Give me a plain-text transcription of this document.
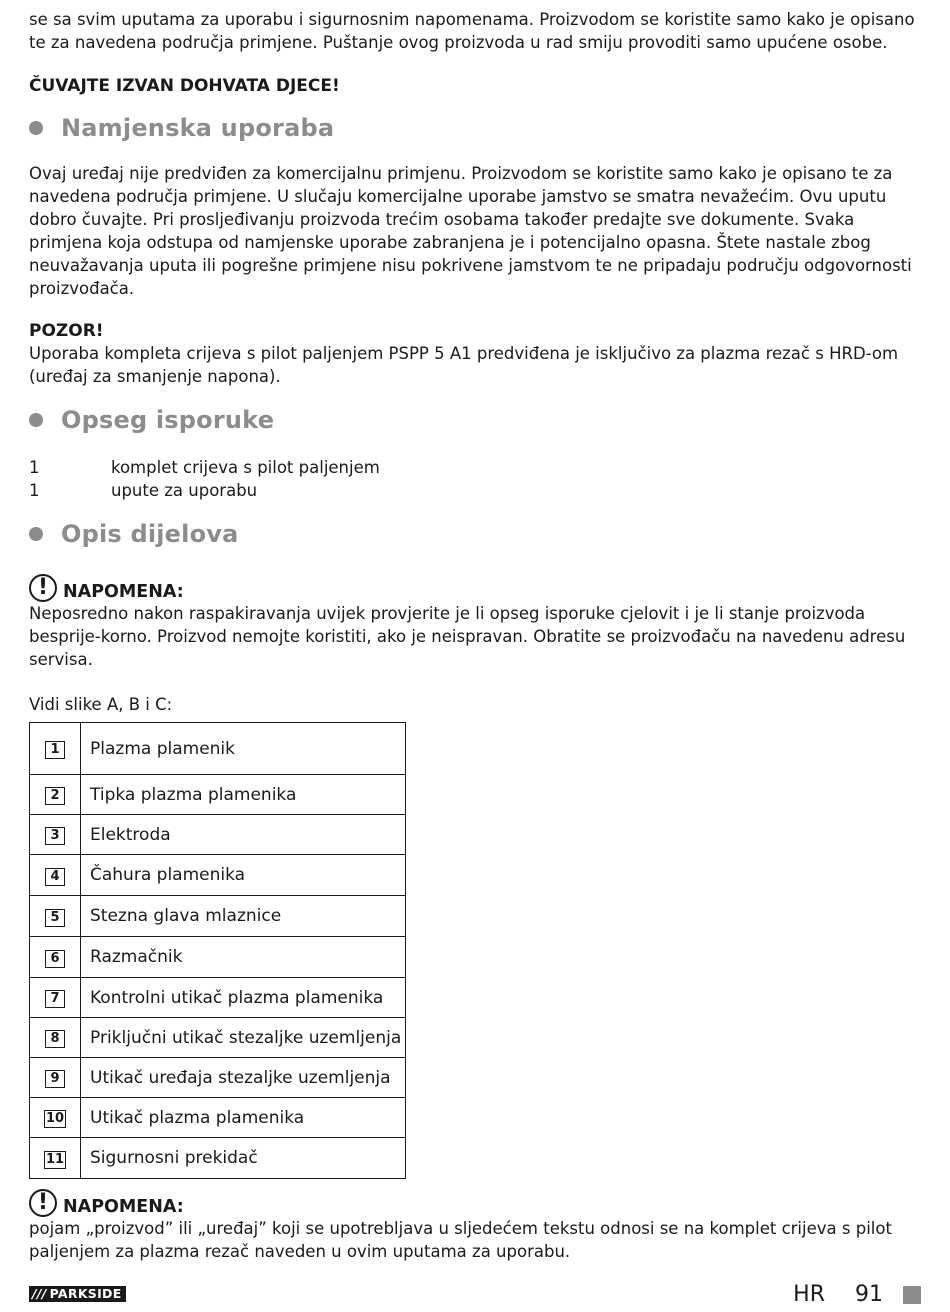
se sa svim uputama za uporabu i sigurnosnim napomenama. Proizvodom se koristite samo kako je opisano te za navedena područja primjene. Puštanje ovog proizvoda u rad smiju provoditi samo upućene osobe.

ČUVAJTE IZVAN DOHVATA DJECE!
Namjenska uporaba

Ovaj uređaj nije predviđen za komercijalnu primjenu. Proizvodom se koristite samo kako je opisano te za navedena područja primjene. U slučaju komercijalne uporabe jamstvo se smatra nevažećim. Ovu uputu dobro čuvajte. Pri prosljeđivanju proizvoda trećim osobama također predajte sve dokumente. Svaka primjena koja odstupa od namjenske uporabe zabranjena je i potencijalno opasna. Štete nastale zbog neuvažavanja uputa ili pogrešne primjene nisu pokrivene jamstvom te ne pripadaju području odgovornosti proizvođača.

POZOR!

Uporaba kompleta crijeva s pilot paljenjem PSPP 5 A1 predviđena je isključivo za plazma rezač s HRD-om (uređaj za smanjenje napona).

Opseg isporuke
1	komplet crijeva s pilot paljenjem
1	upute za uporabu
Opis dijelova
! NAPOMENA:

Neposredno nakon raspakiravanja uvijek provjerite je li opseg isporuke cjelovit i je li stanje proizvoda besprije-korno. Proizvod nemojte koristiti, ako je neispravan. Obratite se proizvođaču na navedenu adresu servisa.

Vidi slike A, B i C:

1	Plazma plamenik
2	Tipka plazma plamenika
3	Elektroda
4	Čahura plamenika
5	Stezna glava mlaznice
6	Razmačnik
7	Kontrolni utikač plazma plamenika
8	Priključni utikač stezaljke uzemljenja
9	Utikač uređaja stezaljke uzemljenja
10	Utikač plazma plamenika
11	Sigurnosni prekidač
! NAPOMENA:

pojam „proizvod” ili „uređaj” koji se upotrebljava u sljedećem tekstu odnosi se na komplet crijeva s pilot paljenjem za plazma rezač naveden u ovim uputama za uporabu.

/// PARKSIDE	HR 91
